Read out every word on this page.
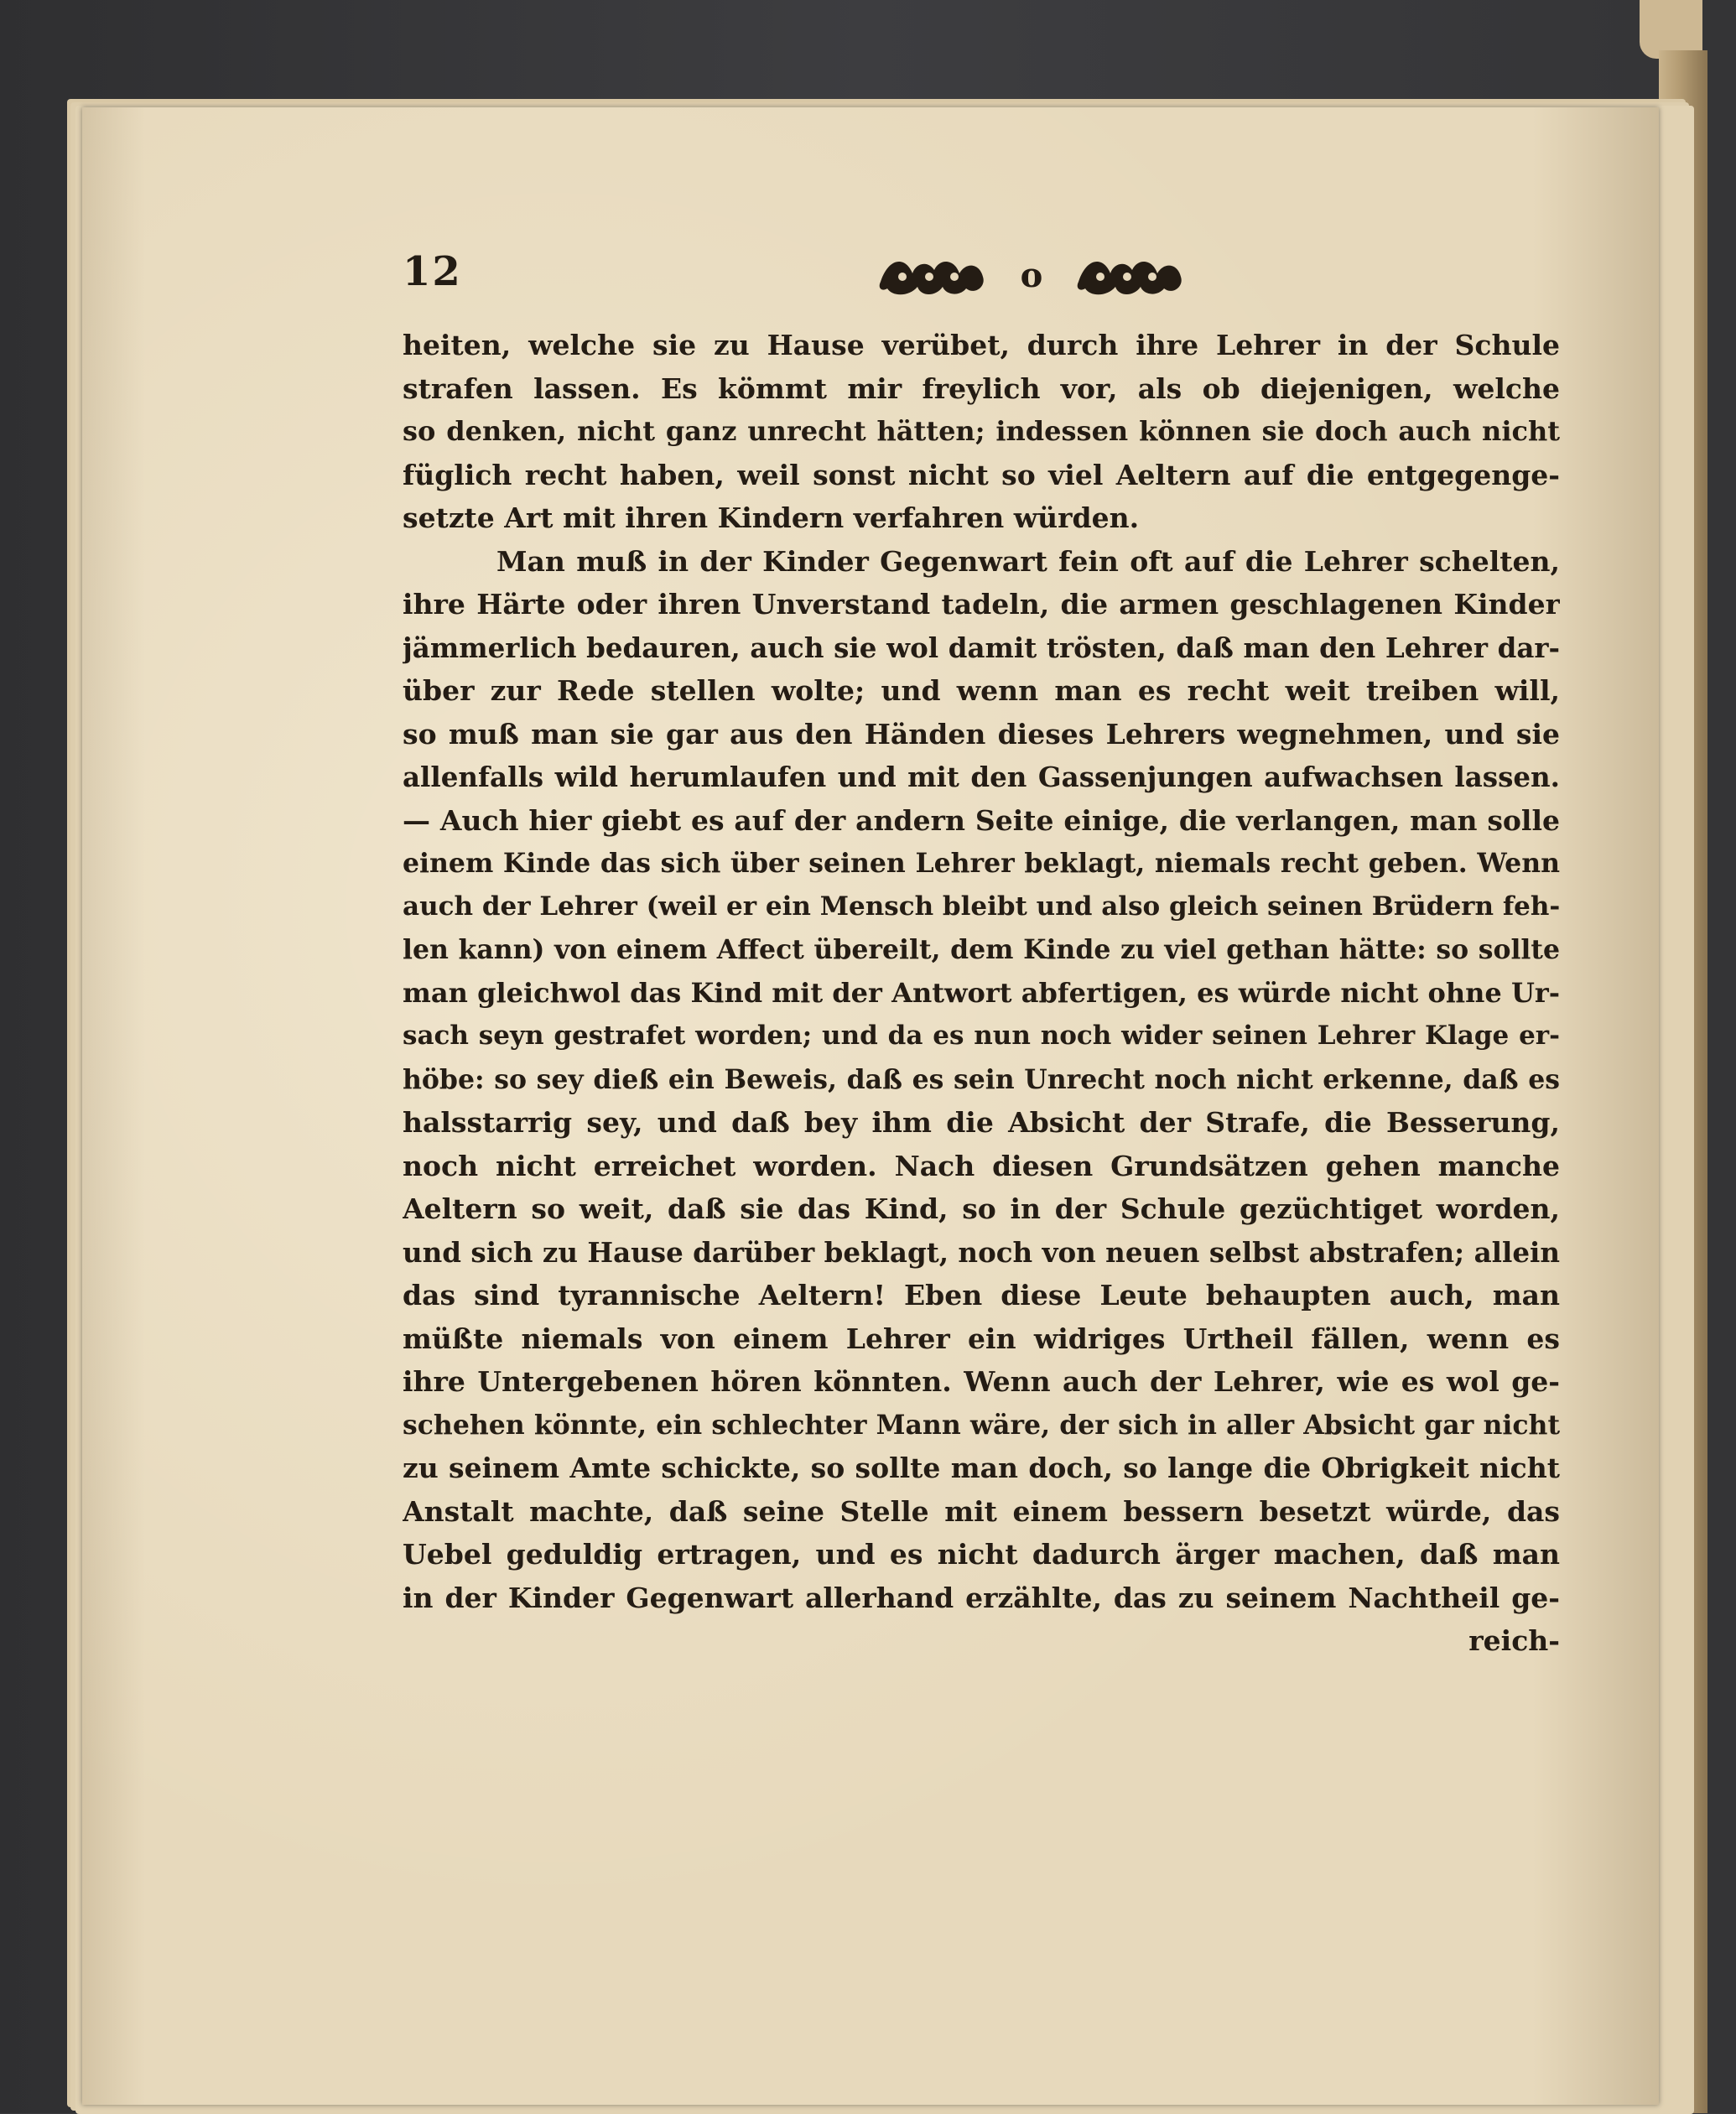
12	o
heiten, welche sie zu Hause verübet, durch ihre Lehrer in der Schule
strafen lassen. Es kömmt mir freylich vor, als ob diejenigen, welche
so denken, nicht ganz unrecht hätten; indessen können sie doch auch nicht
füglich recht haben, weil sonst nicht so viel Aeltern auf die entgegenge-
setzte Art mit ihren Kindern verfahren würden.
Man muß in der Kinder Gegenwart fein oft auf die Lehrer schelten,
ihre Härte oder ihren Unverstand tadeln, die armen geschlagenen Kinder
jämmerlich bedauren, auch sie wol damit trösten, daß man den Lehrer dar-
über zur Rede stellen wolte; und wenn man es recht weit treiben will,
so muß man sie gar aus den Händen dieses Lehrers wegnehmen, und sie
allenfalls wild herumlaufen und mit den Gassenjungen aufwachsen lassen.
— Auch hier giebt es auf der andern Seite einige, die verlangen, man solle
einem Kinde das sich über seinen Lehrer beklagt, niemals recht geben. Wenn
auch der Lehrer (weil er ein Mensch bleibt und also gleich seinen Brüdern feh-
len kann) von einem Affect übereilt, dem Kinde zu viel gethan hätte: so sollte
man gleichwol das Kind mit der Antwort abfertigen, es würde nicht ohne Ur-
sach seyn gestrafet worden; und da es nun noch wider seinen Lehrer Klage er-
höbe: so sey dieß ein Beweis, daß es sein Unrecht noch nicht erkenne, daß es
halsstarrig sey, und daß bey ihm die Absicht der Strafe, die Besserung,
noch nicht erreichet worden. Nach diesen Grundsätzen gehen manche
Aeltern so weit, daß sie das Kind, so in der Schule gezüchtiget worden,
und sich zu Hause darüber beklagt, noch von neuen selbst abstrafen; allein
das sind tyrannische Aeltern! Eben diese Leute behaupten auch, man
müßte niemals von einem Lehrer ein widriges Urtheil fällen, wenn es
ihre Untergebenen hören könnten. Wenn auch der Lehrer, wie es wol ge-
schehen könnte, ein schlechter Mann wäre, der sich in aller Absicht gar nicht
zu seinem Amte schickte, so sollte man doch, so lange die Obrigkeit nicht
Anstalt machte, daß seine Stelle mit einem bessern besetzt würde, das
Uebel geduldig ertragen, und es nicht dadurch ärger machen, daß man
in der Kinder Gegenwart allerhand erzählte, das zu seinem Nachtheil ge-
reich-
